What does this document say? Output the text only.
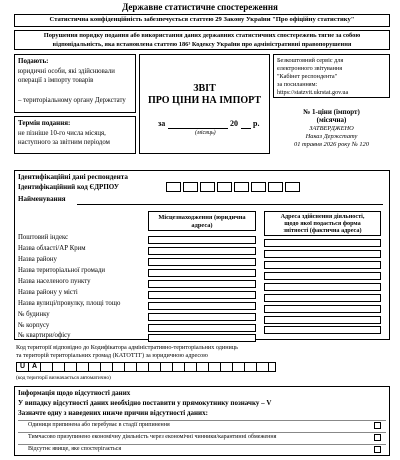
Державне статистичне спостереження
Статистична конфіденційність забезпечується статтею 29 Закону України "Про офіційну статистику"
Порушення порядку подання або використання даних державних статистичних спостережень тягне за собою
відповідальність, яка встановлена статтею 186³ Кодексу України про адміністративні правопорушення
Подають:
юридичні особи, які здійснювали
операції з імпорту товарів
– територіальному органу Держстату
Термін подання:
не пізніше 10-го числа місяця,
наступного за звітним періодом
ЗВІТ
ПРО ЦІНИ НА ІМПОРТ
за	20 р.
(місяць)
Безкоштовний сервіс для
електронного звітування
"Кабінет респондента"
за посиланням:
https://statzvit.ukrstat.gov.ua
№ 1-ціни (імпорт)
(місячна)
ЗАТВЕРДЖЕНО
Наказ Держстату
01 травня 2026 року № 120
Ідентифікаційні дані респондента
Ідентифікаційний код ЄДРПОУ
Найменування
Місцезнаходження (юридична адреса)
Адреса здійснення діяльності,
щодо якої подається форма
звітності (фактична адреса)
Поштовий індекс
Назва області/АР Крим
Назва району
Назва територіальної громади
Назва населеного пункту
Назва району у місті
Назва вулиці/провулку, площі тощо
№ будинку
№ корпусу
№ квартири/офісу
Код території відповідно до Кодифікатора адміністративно-територіальних одиниць
та територій територіальних громад (КАТОТТГ) за юридичною адресою
U A
(код території визначається автоматично)
Інформація щодо відсутності даних
У випадку відсутності даних необхідно поставити у прямокутнику позначку – V
Зазначте одну з наведених нижче причин відсутності даних:
Одиниця припинена або перебуває в стадії припинення
Тимчасово призупинено економічну діяльність через економічні чинники/карантинні обмеження
Відсутнє явище, яке спостерігається
